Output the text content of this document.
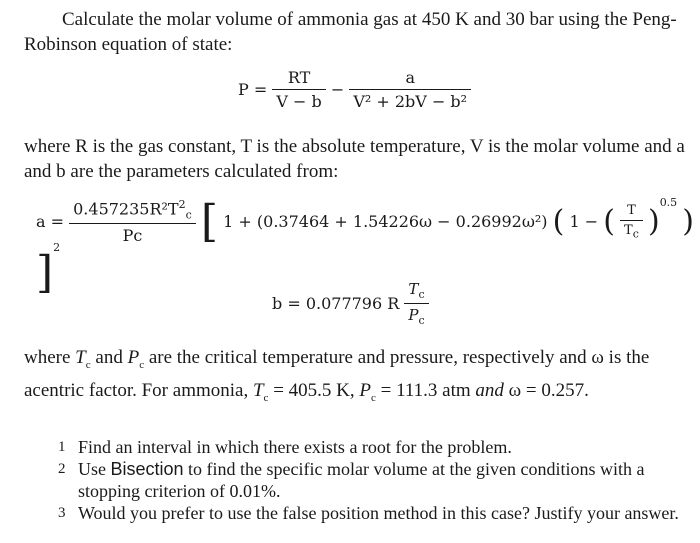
Calculate the molar volume of ammonia gas at 450 K and 30 bar using the Peng-Robinson equation of state:
$P = \frac{RT}{V - b} - \frac{a}{\text{V² + 2bV − b²}}$
where R is the gas constant, T is the absolute temperature, V is the molar volume and a and b are the parameters calculated from:
$a = \frac{0.457235R^2T^2_c}{Pc}$ [ 1 + (0.37464 + 1.54226ω − 0.26992ω²) ( 1 − ( $\frac{T}{T_c} )^{0.5}$ ) ]$^2$
b = 0.077796 R $\frac{T_c}{P_c}$
where $T_c$ and $P_c$ are the critical temperature and pressure, respectively and ω is the acentric factor. For ammonia, $T_c = 405.5$ K, $P_c = 111.3$ atm and ω = 0.257.
1 Find an interval in which there exists a root for the problem.
2 Use Bisection to find the specific molar volume at the given conditions with a stopping criterion of 0.01%.
3 Would you prefer to use the false position method in this case? Justify your answer.
